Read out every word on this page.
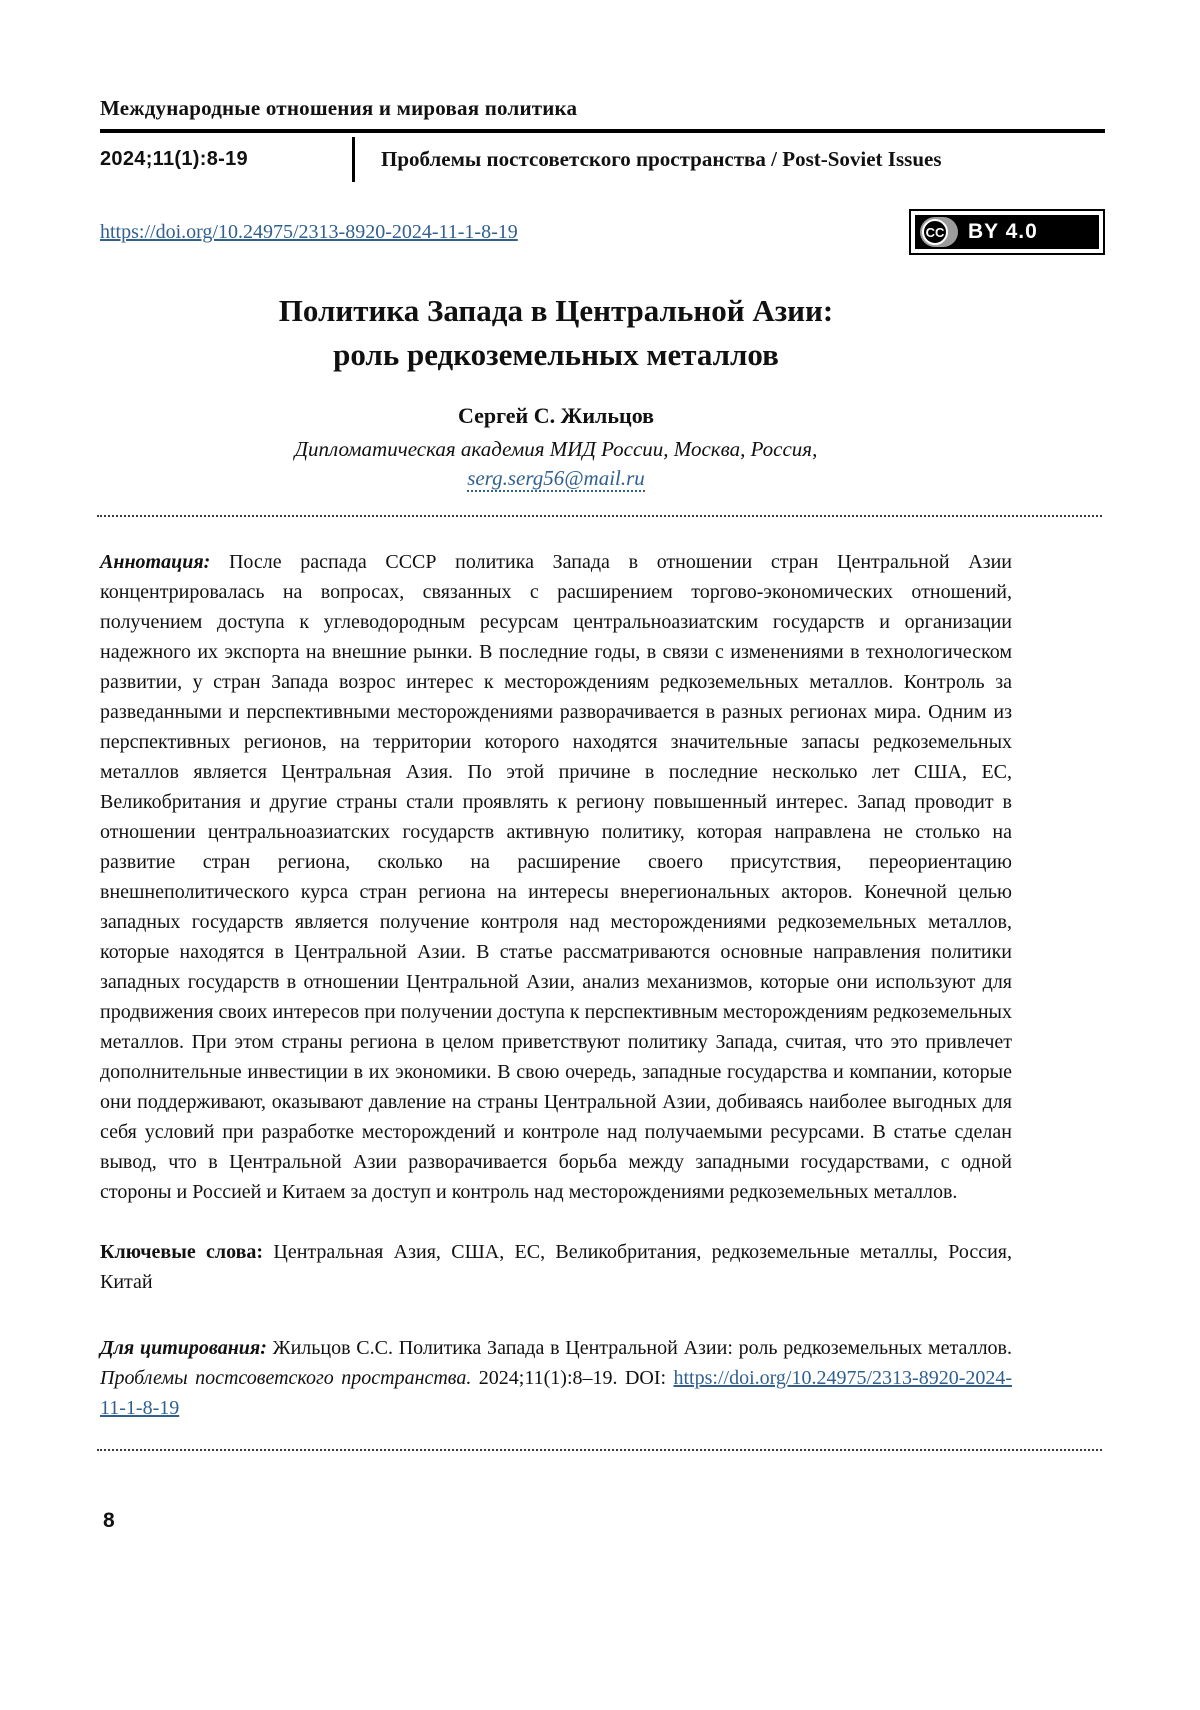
Международные отношения и мировая политика
2024;11(1):8-19	Проблемы постсоветского пространства / Post-Soviet Issues
https://doi.org/10.24975/2313-8920-2024-11-1-8-19	CC BY 4.0
Политика Запада в Центральной Азии:
роль редкоземельных металлов
Сергей С. Жильцов
Дипломатическая академия МИД России, Москва, Россия,
serg.serg56@mail.ru

Аннотация: После распада СССР политика Запада в отношении стран Центральной Азии концентрировалась на вопросах, связанных с расширением торгово-экономических отношений, получением доступа к углеводородным ресурсам центральноазиатским государств и организации надежного их экспорта на внешние рынки. В последние годы, в связи с изменениями в технологическом развитии, у стран Запада возрос интерес к месторождениям редкоземельных металлов. Контроль за разведанными и перспективными месторождениями разворачивается в разных регионах мира. Одним из перспективных регионов, на территории которого находятся значительные запасы редкоземельных металлов является Центральная Азия. По этой причине в последние несколько лет США, ЕС, Великобритания и другие страны стали проявлять к региону повышенный интерес. Запад проводит в отношении центральноазиатских государств активную политику, которая направлена не столько на развитие стран региона, сколько на расширение своего присутствия, переориентацию внешнеполитического курса стран региона на интересы внерегиональных акторов. Конечной целью западных государств является получение контроля над месторождениями редкоземельных металлов, которые находятся в Центральной Азии. В статье рассматриваются основные направления политики западных государств в отношении Центральной Азии, анализ механизмов, которые они используют для продвижения своих интересов при получении доступа к перспективным месторождениям редкоземельных металлов. При этом страны региона в целом приветствуют политику Запада, считая, что это привлечет дополнительные инвестиции в их экономики. В свою очередь, западные государства и компании, которые они поддерживают, оказывают давление на страны Центральной Азии, добиваясь наиболее выгодных для себя условий при разработке месторождений и контроле над получаемыми ресурсами. В статье сделан вывод, что в Центральной Азии разворачивается борьба между западными государствами, с одной стороны и Россией и Китаем за доступ и контроль над месторождениями редкоземельных металлов.

Ключевые слова: Центральная Азия, США, ЕС, Великобритания, редкоземельные металлы, Россия, Китай

Для цитирования: Жильцов С.С. Политика Запада в Центральной Азии: роль редкоземельных металлов. Проблемы постсоветского пространства. 2024;11(1):8–19. DOI: https://doi.org/10.24975/2313-8920-2024-11-1-8-19

8
